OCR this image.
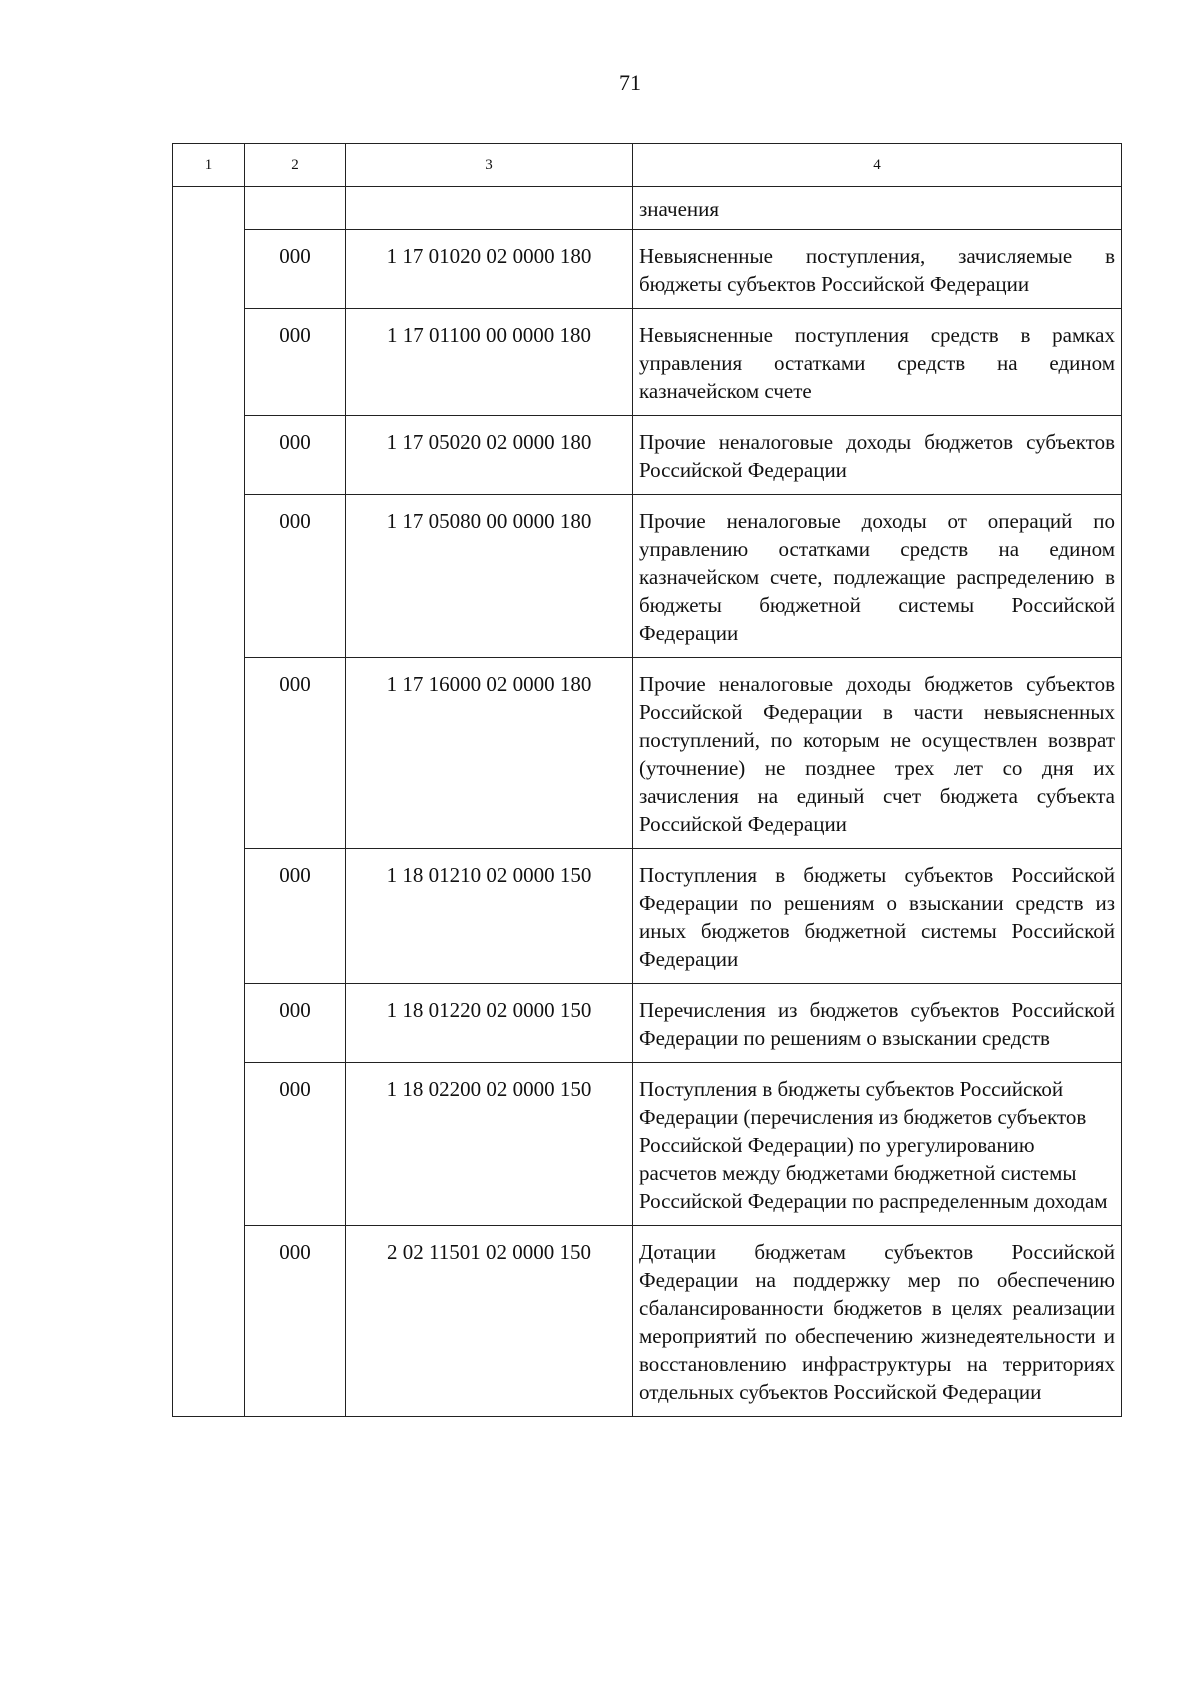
71
1	2	3	4
			значения
	000	1 17 01020 02 0000 180	Невыясненные поступления, зачисляемые в бюджеты субъектов Российской Федерации
	000	1 17 01100 00 0000 180	Невыясненные поступления средств в рамках управления остатками средств на едином казначейском счете
	000	1 17 05020 02 0000 180	Прочие неналоговые доходы бюджетов субъектов Российской Федерации
	000	1 17 05080 00 0000 180	Прочие неналоговые доходы от операций по управлению остатками средств на едином казначейском счете, подлежащие распределению в бюджеты бюджетной системы Российской Федерации
	000	1 17 16000 02 0000 180	Прочие неналоговые доходы бюджетов субъектов Российской Федерации в части невыясненных поступлений, по которым не осуществлен возврат (уточнение) не позднее трех лет со дня их зачисления на единый счет бюджета субъекта Российской Федерации
	000	1 18 01210 02 0000 150	Поступления в бюджеты субъектов Российской Федерации по решениям о взыскании средств из иных бюджетов бюджетной системы Российской Федерации
	000	1 18 01220 02 0000 150	Перечисления из бюджетов субъектов Российской Федерации по решениям о взыскании средств
	000	1 18 02200 02 0000 150	Поступления в бюджеты субъектов Российской Федерации (перечисления из бюджетов субъектов Российской Федерации) по урегулированию расчетов между бюджетами бюджетной системы Российской Федерации по распределенным доходам
	000	2 02 11501 02 0000 150	Дотации бюджетам субъектов Российской Федерации на поддержку мер по обеспечению сбалансированности бюджетов в целях реализации мероприятий по обеспечению жизнедеятельности и восстановлению инфраструктуры на территориях отдельных субъектов Российской Федерации
